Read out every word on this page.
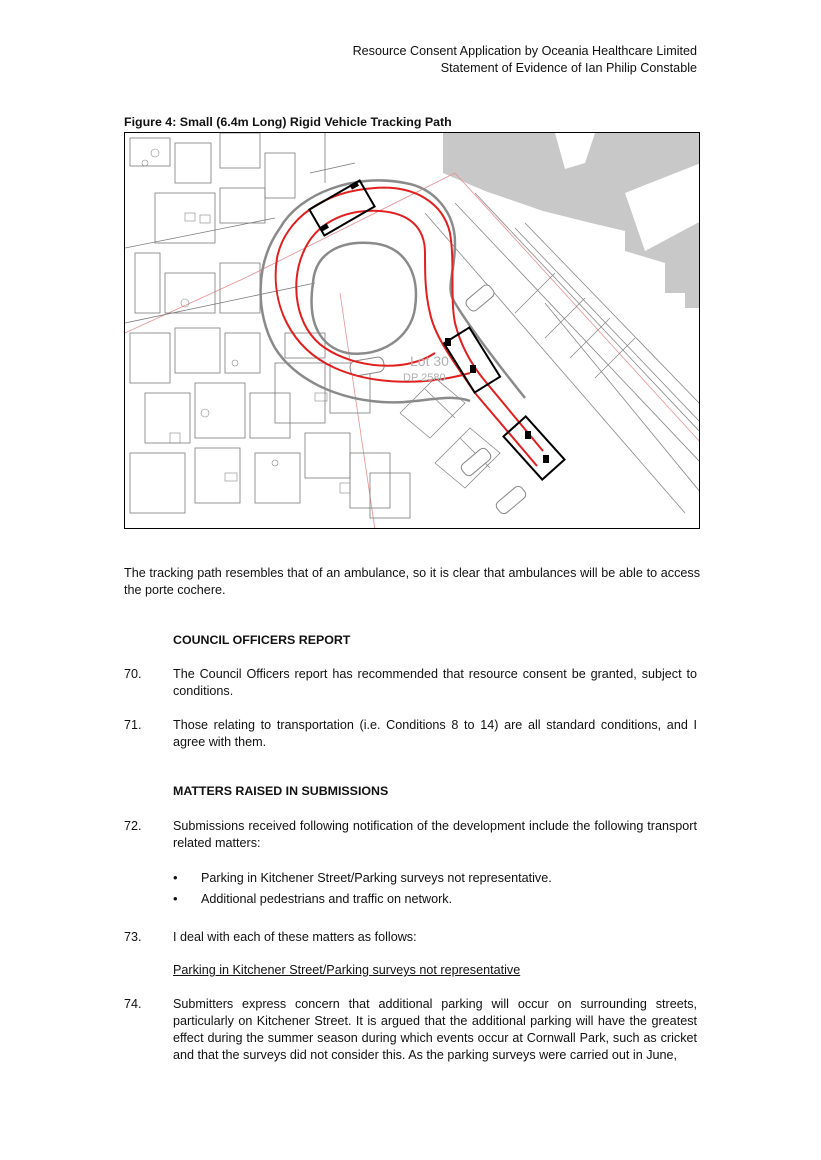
Resource Consent Application by Oceania Healthcare Limited
Statement of Evidence of Ian Philip Constable
Figure 4: Small (6.4m Long) Rigid Vehicle Tracking Path
Lot 30
DP 2580
The tracking path resembles that of an ambulance, so it is clear that ambulances will be able to access the porte cochere.
COUNCIL OFFICERS REPORT
70. The Council Officers report has recommended that resource consent be granted, subject to conditions.
71. Those relating to transportation (i.e. Conditions 8 to 14) are all standard conditions, and I agree with them.
MATTERS RAISED IN SUBMISSIONS
72. Submissions received following notification of the development include the following transport related matters:
• Parking in Kitchener Street/Parking surveys not representative.
• Additional pedestrians and traffic on network.
73. I deal with each of these matters as follows:
Parking in Kitchener Street/Parking surveys not representative
74. Submitters express concern that additional parking will occur on surrounding streets, particularly on Kitchener Street. It is argued that the additional parking will have the greatest effect during the summer season during which events occur at Cornwall Park, such as cricket and that the surveys did not consider this. As the parking surveys were carried out in June,
